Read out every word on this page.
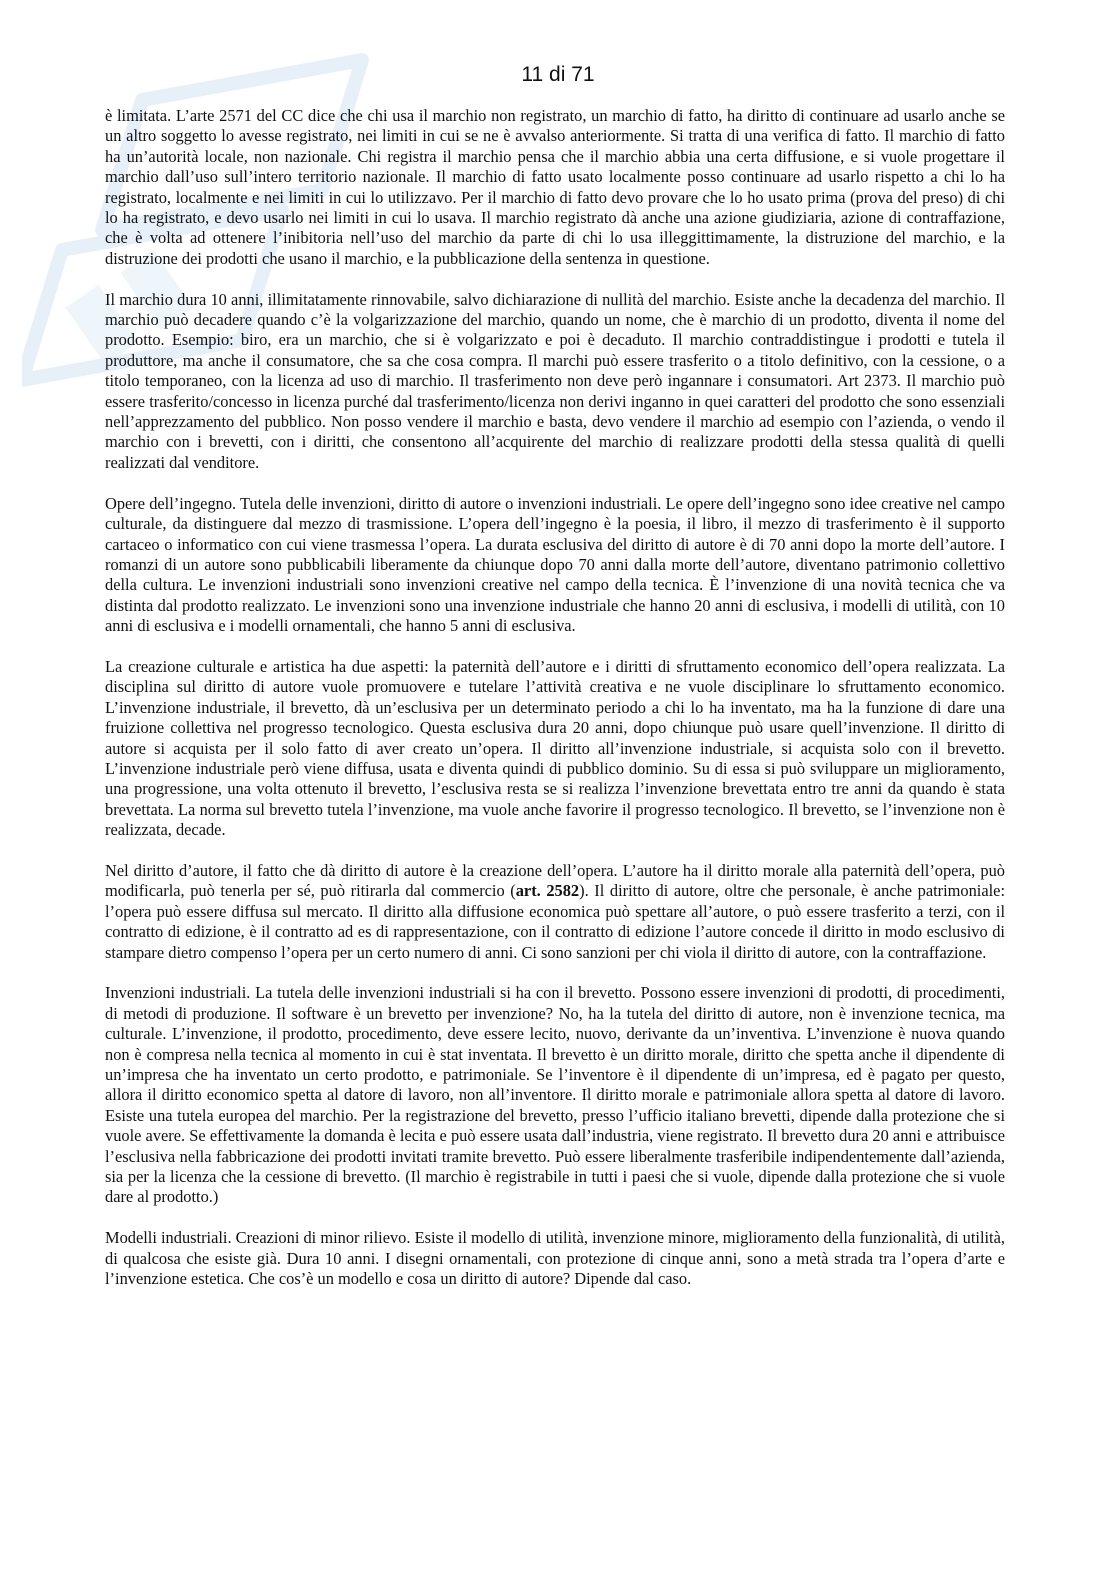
11 di 71

è limitata. L’arte 2571 del CC dice che chi usa il marchio non registrato, un marchio di fatto, ha diritto di continuare ad usarlo anche se un altro soggetto lo avesse registrato, nei limiti in cui se ne è avvalso anteriormente. Si tratta di una verifica di fatto. Il marchio di fatto ha un’autorità locale, non nazionale. Chi registra il marchio pensa che il marchio abbia una certa diffusione, e si vuole progettare il marchio dall’uso sull’intero territorio nazionale. Il marchio di fatto usato localmente posso continuare ad usarlo rispetto a chi lo ha registrato, localmente e nei limiti in cui lo utilizzavo. Per il marchio di fatto devo provare che lo ho usato prima (prova del preso) di chi lo ha registrato, e devo usarlo nei limiti in cui lo usava. Il marchio registrato dà anche una azione giudiziaria, azione di contraffazione, che è volta ad ottenere l’inibitoria nell’uso del marchio da parte di chi lo usa illeggittimamente, la distruzione del marchio, e la distruzione dei prodotti che usano il marchio, e la pubblicazione della sentenza in questione.

Il marchio dura 10 anni, illimitatamente rinnovabile, salvo dichiarazione di nullità del marchio. Esiste anche la decadenza del marchio. Il marchio può decadere quando c’è la volgarizzazione del marchio, quando un nome, che è marchio di un prodotto, diventa il nome del prodotto. Esempio: biro, era un marchio, che si è volgarizzato e poi è decaduto. Il marchio contraddistingue i prodotti e tutela il produttore, ma anche il consumatore, che sa che cosa compra. Il marchi può essere trasferito o a titolo definitivo, con la cessione, o a titolo temporaneo, con la licenza ad uso di marchio. Il trasferimento non deve però ingannare i consumatori. Art 2373. Il marchio può essere trasferito/concesso in licenza purché dal trasferimento/licenza non derivi inganno in quei caratteri del prodotto che sono essenziali nell’apprezzamento del pubblico. Non posso vendere il marchio e basta, devo vendere il marchio ad esempio con l’azienda, o vendo il marchio con i brevetti, con i diritti, che consentono all’acquirente del marchio di realizzare prodotti della stessa qualità di quelli realizzati dal venditore.

Opere dell’ingegno. Tutela delle invenzioni, diritto di autore o invenzioni industriali. Le opere dell’ingegno sono idee creative nel campo culturale, da distinguere dal mezzo di trasmissione. L’opera dell’ingegno è la poesia, il libro, il mezzo di trasferimento è il supporto cartaceo o informatico con cui viene trasmessa l’opera. La durata esclusiva del diritto di autore è di 70 anni dopo la morte dell’autore. I romanzi di un autore sono pubblicabili liberamente da chiunque dopo 70 anni dalla morte dell’autore, diventano patrimonio collettivo della cultura. Le invenzioni industriali sono invenzioni creative nel campo della tecnica. È l’invenzione di una novità tecnica che va distinta dal prodotto realizzato. Le invenzioni sono una invenzione industriale che hanno 20 anni di esclusiva, i modelli di utilità, con 10 anni di esclusiva e i modelli ornamentali, che hanno 5 anni di esclusiva.

La creazione culturale e artistica ha due aspetti: la paternità dell’autore e i diritti di sfruttamento economico dell’opera realizzata. La disciplina sul diritto di autore vuole promuovere e tutelare l’attività creativa e ne vuole disciplinare lo sfruttamento economico. L’invenzione industriale, il brevetto, dà un’esclusiva per un determinato periodo a chi lo ha inventato, ma ha la funzione di dare una fruizione collettiva nel progresso tecnologico. Questa esclusiva dura 20 anni, dopo chiunque può usare quell’invenzione. Il diritto di autore si acquista per il solo fatto di aver creato un’opera. Il diritto all’invenzione industriale, si acquista solo con il brevetto. L’invenzione industriale però viene diffusa, usata e diventa quindi di pubblico dominio. Su di essa si può sviluppare un miglioramento, una progressione, una volta ottenuto il brevetto, l’esclusiva resta se si realizza l’invenzione brevettata entro tre anni da quando è stata brevettata. La norma sul brevetto tutela l’invenzione, ma vuole anche favorire il progresso tecnologico. Il brevetto, se l’invenzione non è realizzata, decade.

Nel diritto d’autore, il fatto che dà diritto di autore è la creazione dell’opera. L’autore ha il diritto morale alla paternità dell’opera, può modificarla, può tenerla per sé, può ritirarla dal commercio (art. 2582). Il diritto di autore, oltre che personale, è anche patrimoniale: l’opera può essere diffusa sul mercato. Il diritto alla diffusione economica può spettare all’autore, o può essere trasferito a terzi, con il contratto di edizione, è il contratto ad es di rappresentazione, con il contratto di edizione l’autore concede il diritto in modo esclusivo di stampare dietro compenso l’opera per un certo numero di anni. Ci sono sanzioni per chi viola il diritto di autore, con la contraffazione.

Invenzioni industriali. La tutela delle invenzioni industriali si ha con il brevetto. Possono essere invenzioni di prodotti, di procedimenti, di metodi di produzione. Il software è un brevetto per invenzione? No, ha la tutela del diritto di autore, non è invenzione tecnica, ma culturale. L’invenzione, il prodotto, procedimento, deve essere lecito, nuovo, derivante da un’inventiva. L’invenzione è nuova quando non è compresa nella tecnica al momento in cui è stat inventata. Il brevetto è un diritto morale, diritto che spetta anche il dipendente di un’impresa che ha inventato un certo prodotto, e patrimoniale. Se l’inventore è il dipendente di un’impresa, ed è pagato per questo, allora il diritto economico spetta al datore di lavoro, non all’inventore. Il diritto morale e patrimoniale allora spetta al datore di lavoro. Esiste una tutela europea del marchio. Per la registrazione del brevetto, presso l’ufficio italiano brevetti, dipende dalla protezione che si vuole avere. Se effettivamente la domanda è lecita e può essere usata dall’industria, viene registrato. Il brevetto dura 20 anni e attribuisce l’esclusiva nella fabbricazione dei prodotti invitati tramite brevetto. Può essere liberalmente trasferibile indipendentemente dall’azienda, sia per la licenza che la cessione di brevetto. (Il marchio è registrabile in tutti i paesi che si vuole, dipende dalla protezione che si vuole dare al prodotto.)

Modelli industriali. Creazioni di minor rilievo. Esiste il modello di utilità, invenzione minore, miglioramento della funzionalità, di utilità, di qualcosa che esiste già. Dura 10 anni. I disegni ornamentali, con protezione di cinque anni, sono a metà strada tra l’opera d’arte e l’invenzione estetica. Che cos’è un modello e cosa un diritto di autore? Dipende dal caso.
